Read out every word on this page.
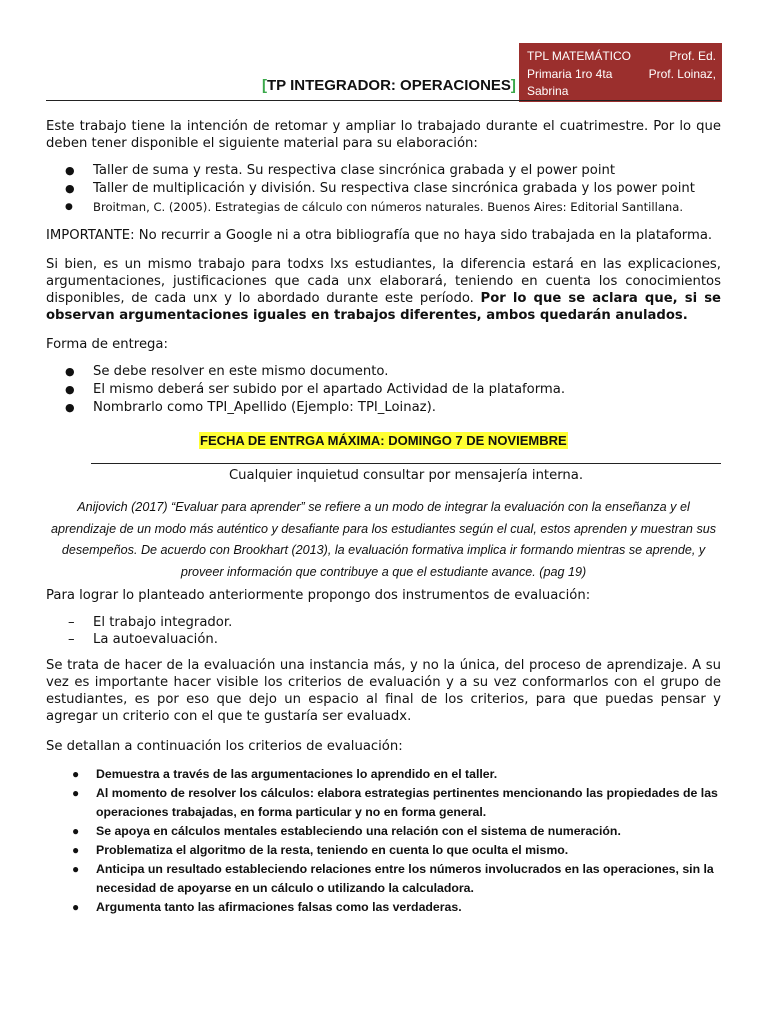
TPL MATEMÁTICO	Prof. Ed.
Primaria 1ro 4ta	Prof. Loinaz,
Sabrina
[TP INTEGRADOR: OPERACIONES]
Este trabajo tiene la intención de retomar y ampliar lo trabajado durante el cuatrimestre. Por lo que deben tener disponible el siguiente material para su elaboración:
● Taller de suma y resta. Su respectiva clase sincrónica grabada y el power point
● Taller de multiplicación y división. Su respectiva clase sincrónica grabada y los power point
● Broitman, C. (2005). Estrategias de cálculo con números naturales. Buenos Aires: Editorial Santillana.
IMPORTANTE: No recurrir a Google ni a otra bibliografía que no haya sido trabajada en la plataforma.
Si bien, es un mismo trabajo para todxs lxs estudiantes, la diferencia estará en las explicaciones, argumentaciones, justificaciones que cada unx elaborará, teniendo en cuenta los conocimientos disponibles, de cada unx y lo abordado durante este período. Por lo que se aclara que, si se observan argumentaciones iguales en trabajos diferentes, ambos quedarán anulados.
Forma de entrega:
● Se debe resolver en este mismo documento.
● El mismo deberá ser subido por el apartado Actividad de la plataforma.
● Nombrarlo como TPI_Apellido (Ejemplo: TPI_Loinaz).
FECHA DE ENTRGA MÁXIMA: DOMINGO 7 DE NOVIEMBRE
Cualquier inquietud consultar por mensajería interna.
Anijovich (2017) “Evaluar para aprender” se refiere a un modo de integrar la evaluación con la enseñanza y el aprendizaje de un modo más auténtico y desafiante para los estudiantes según el cual, estos aprenden y muestran sus desempeños. De acuerdo con Brookhart (2013), la evaluación formativa implica ir formando mientras se aprende, y proveer información que contribuye a que el estudiante avance. (pag 19)
Para lograr lo planteado anteriormente propongo dos instrumentos de evaluación:
– El trabajo integrador.
– La autoevaluación.
Se trata de hacer de la evaluación una instancia más, y no la única, del proceso de aprendizaje. A su vez es importante hacer visible los criterios de evaluación y a su vez conformarlos con el grupo de estudiantes, es por eso que dejo un espacio al final de los criterios, para que puedas pensar y agregar un criterio con el que te gustaría ser evaluadx.
Se detallan a continuación los criterios de evaluación:
● Demuestra a través de las argumentaciones lo aprendido en el taller.
● Al momento de resolver los cálculos: elabora estrategias pertinentes mencionando las propiedades de las operaciones trabajadas, en forma particular y no en forma general.
● Se apoya en cálculos mentales estableciendo una relación con el sistema de numeración.
● Problematiza el algoritmo de la resta, teniendo en cuenta lo que oculta el mismo.
● Anticipa un resultado estableciendo relaciones entre los números involucrados en las operaciones, sin la necesidad de apoyarse en un cálculo o utilizando la calculadora.
● Argumenta tanto las afirmaciones falsas como las verdaderas.
